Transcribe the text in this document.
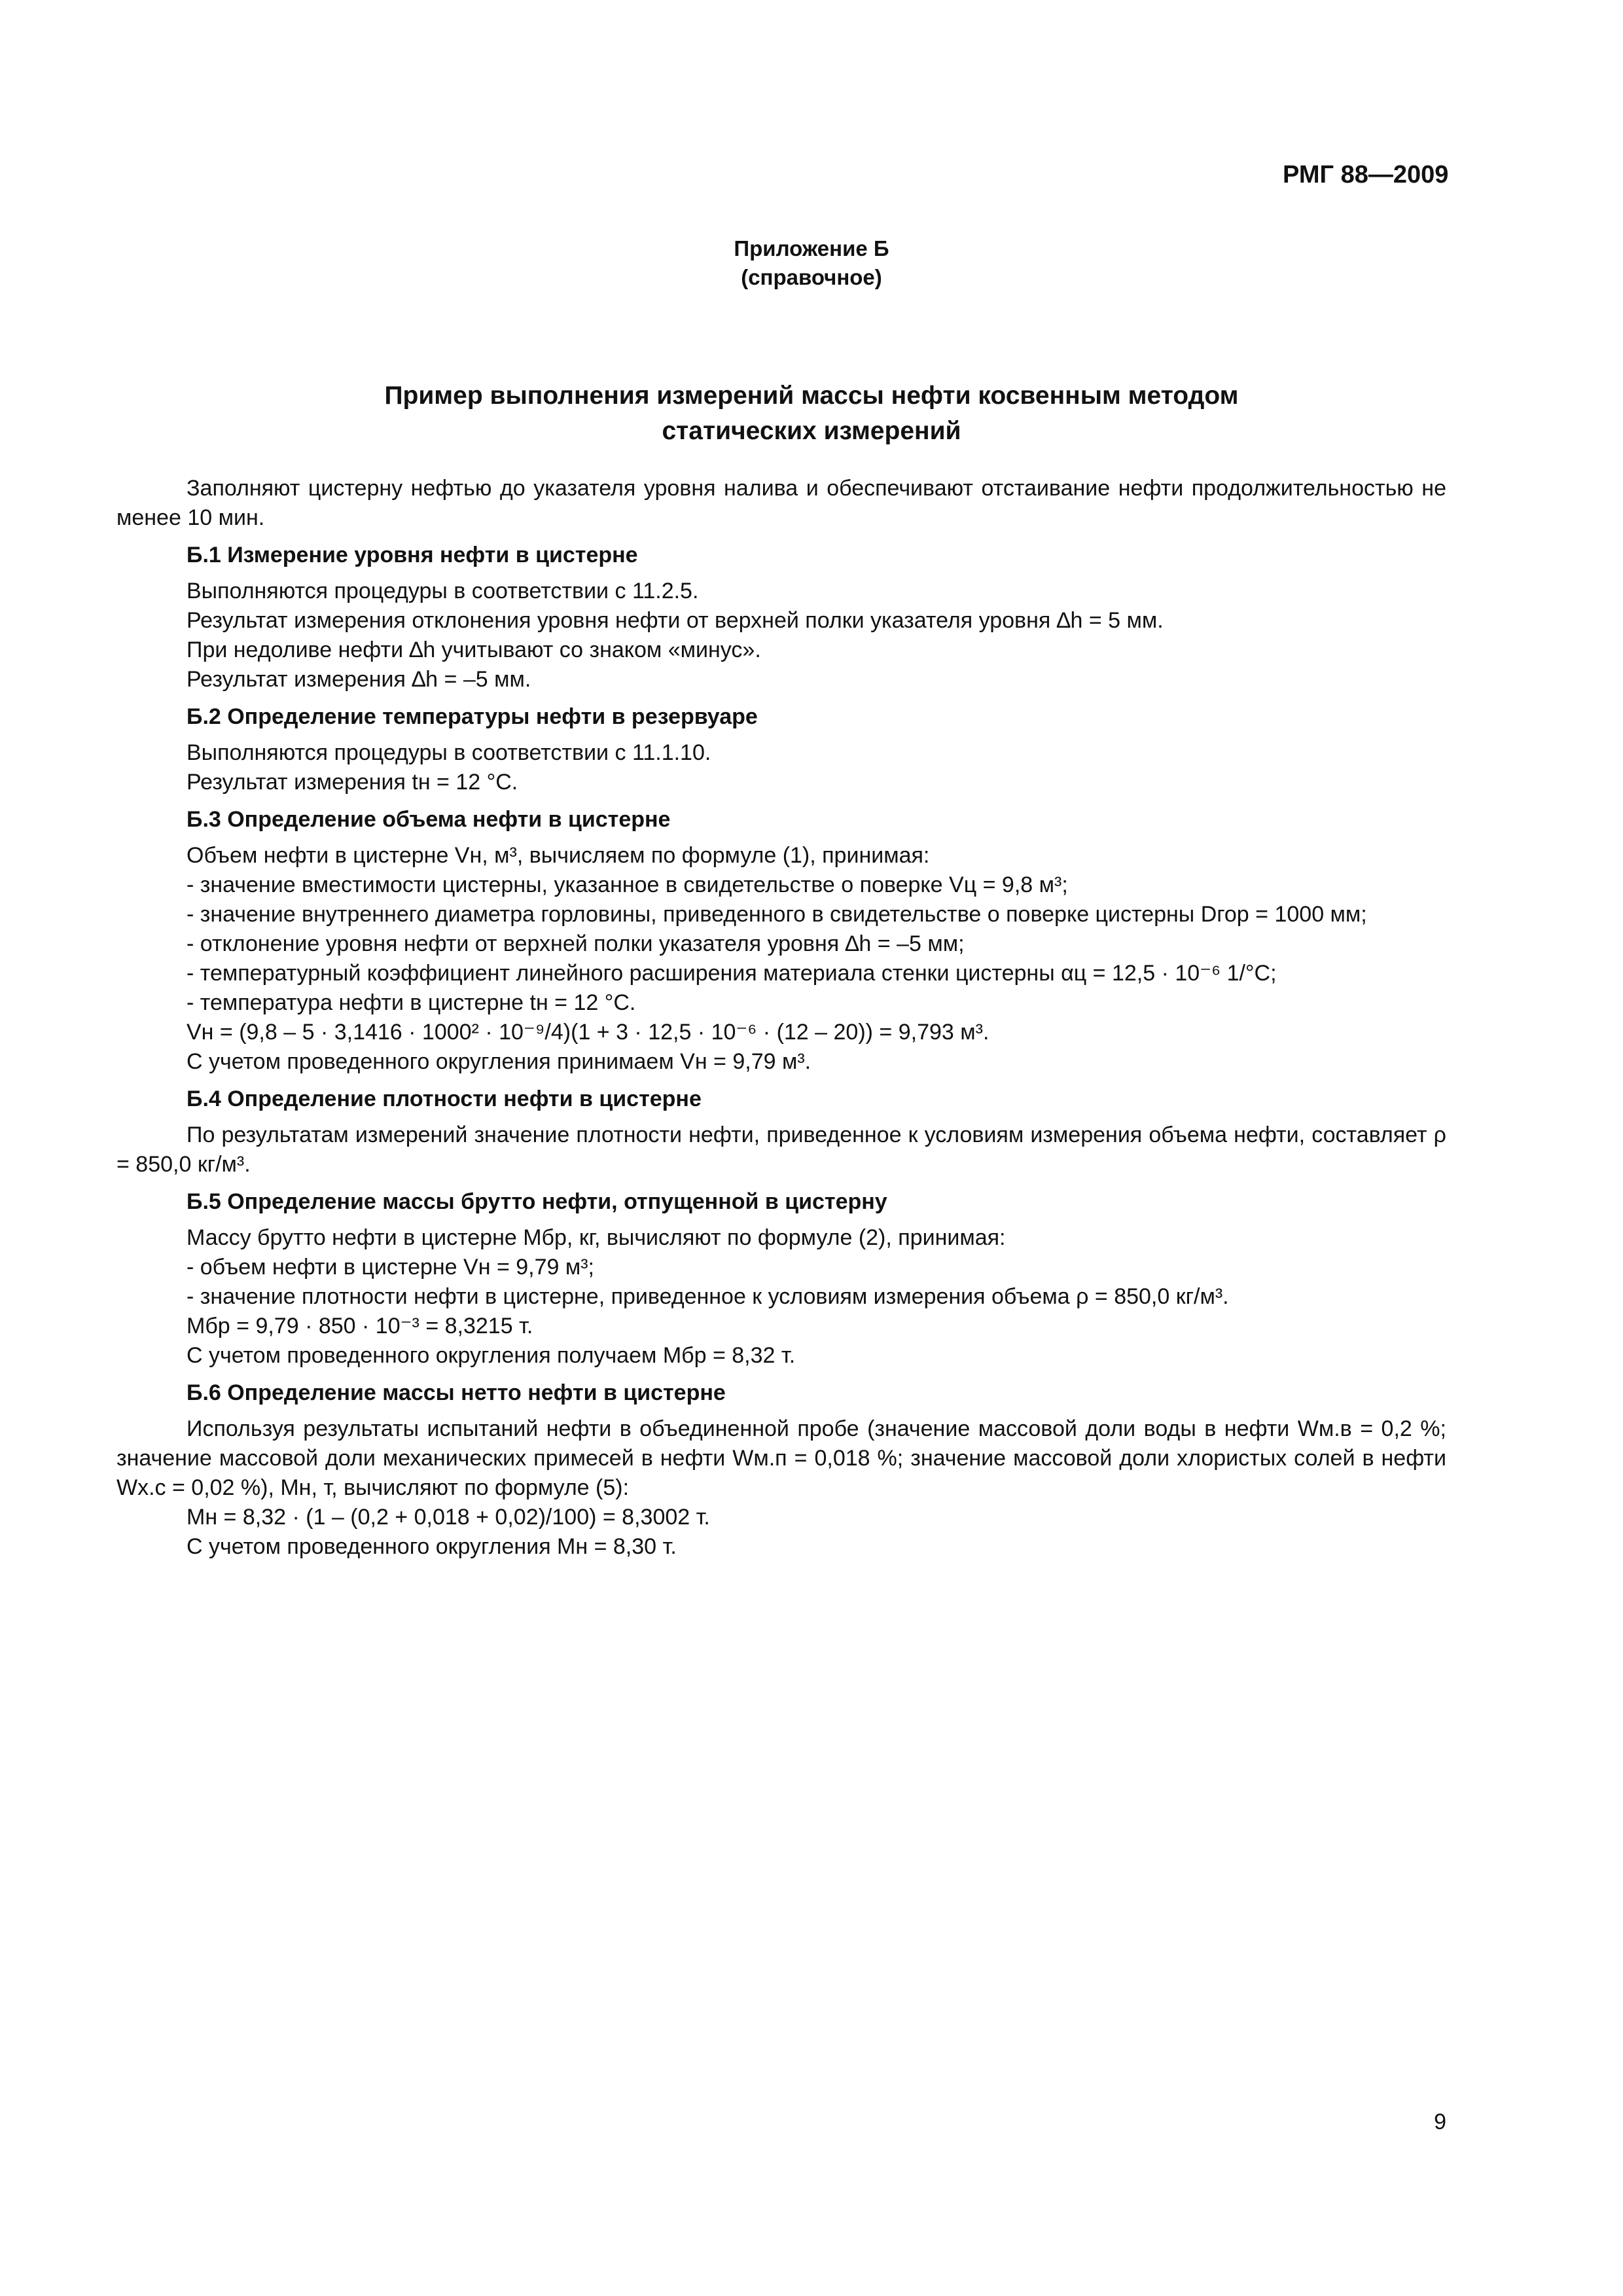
РМГ 88—2009
Приложение Б
(справочное)
Пример выполнения измерений массы нефти косвенным методом
статических измерений

Заполняют цистерну нефтью до указателя уровня налива и обеспечивают отстаивание нефти продолжительностью не менее 10 мин.

Б.1 Измерение уровня нефти в цистерне
Выполняются процедуры в соответствии с 11.2.5.
Результат измерения отклонения уровня нефти от верхней полки указателя уровня ∆h = 5 мм.
При недоливе нефти ∆h учитывают со знаком «минус».
Результат измерения ∆h = –5 мм.
Б.2 Определение температуры нефти в резервуаре
Выполняются процедуры в соответствии с 11.1.10.
Результат измерения tн = 12 °С.
Б.3 Определение объема нефти в цистерне
Объем нефти в цистерне Vн, м³, вычисляем по формуле (1), принимая:
- значение вместимости цистерны, указанное в свидетельстве о поверке Vц = 9,8 м³;

- значение внутреннего диаметра горловины, приведенного в свидетельстве о поверке цистерны Dгор = 1000 мм;

- отклонение уровня нефти от верхней полки указателя уровня ∆h = –5 мм;
- температурный коэффициент линейного расширения материала стенки цистерны αц = 12,5 · 10⁻⁶ 1/°С;
- температура нефти в цистерне tн = 12 °С.
Vн = (9,8 – 5 · 3,1416 · 1000² · 10⁻⁹/4)(1 + 3 · 12,5 · 10⁻⁶ · (12 – 20)) = 9,793 м³.
С учетом проведенного округления принимаем Vн = 9,79 м³.
Б.4 Определение плотности нефти в цистерне

По результатам измерений значение плотности нефти, приведенное к условиям измерения объема нефти, составляет ρ = 850,0 кг/м³.

Б.5 Определение массы брутто нефти, отпущенной в цистерну
Массу брутто нефти в цистерне Мбр, кг, вычисляют по формуле (2), принимая:
- объем нефти в цистерне Vн = 9,79 м³;
- значение плотности нефти в цистерне, приведенное к условиям измерения объема ρ = 850,0 кг/м³.
Мбр = 9,79 · 850 · 10⁻³ = 8,3215 т.
С учетом проведенного округления получаем Мбр = 8,32 т.
Б.6 Определение массы нетто нефти в цистерне

Используя результаты испытаний нефти в объединенной пробе (значение массовой доли воды в нефти Wм.в = 0,2 %; значение массовой доли механических примесей в нефти Wм.п = 0,018 %; значение массовой доли хлористых солей в нефти Wх.с = 0,02 %), Мн, т, вычисляют по формуле (5):

Мн = 8,32 · (1 – (0,2 + 0,018 + 0,02)/100) = 8,3002 т.
С учетом проведенного округления Мн = 8,30 т.
9
